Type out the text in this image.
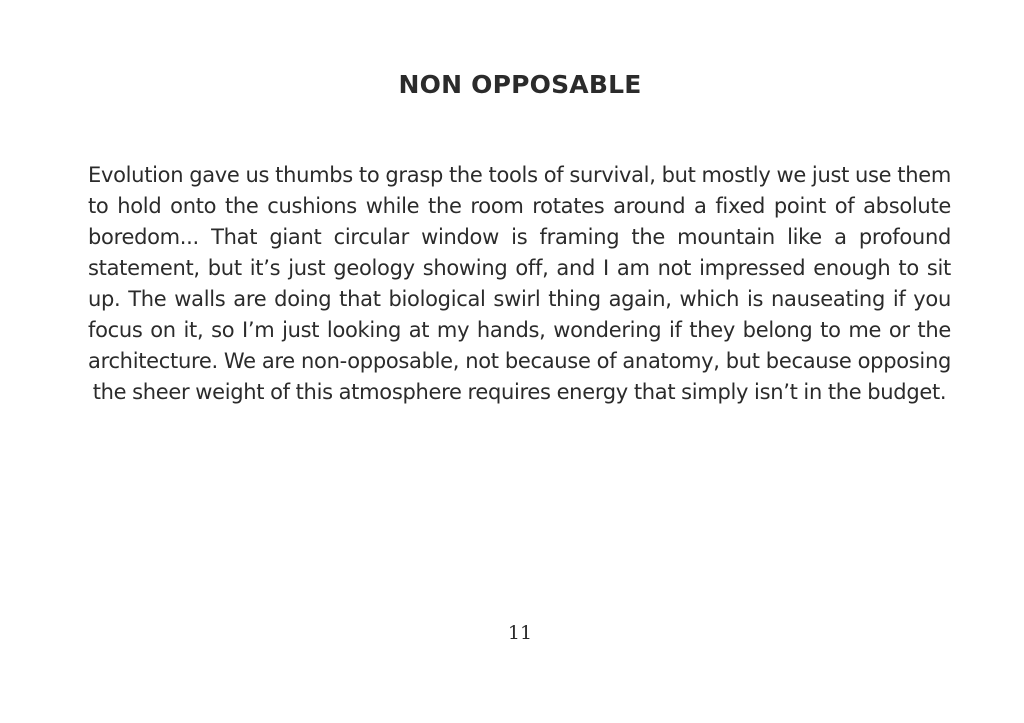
NON OPPOSABLE

Evolution gave us thumbs to grasp the tools of survival, but mostly we just use them to hold onto the cushions while the room rotates around a fixed point of absolute boredom... That giant circular window is framing the mountain like a profound statement, but it’s just geology showing off, and I am not impressed enough to sit up. The walls are doing that biological swirl thing again, which is nauseating if you focus on it, so I’m just looking at my hands, wondering if they belong to me or the architecture. We are non-opposable, not because of anatomy, but because opposing the sheer weight of this atmosphere requires energy that simply isn’t in the budget.

11
